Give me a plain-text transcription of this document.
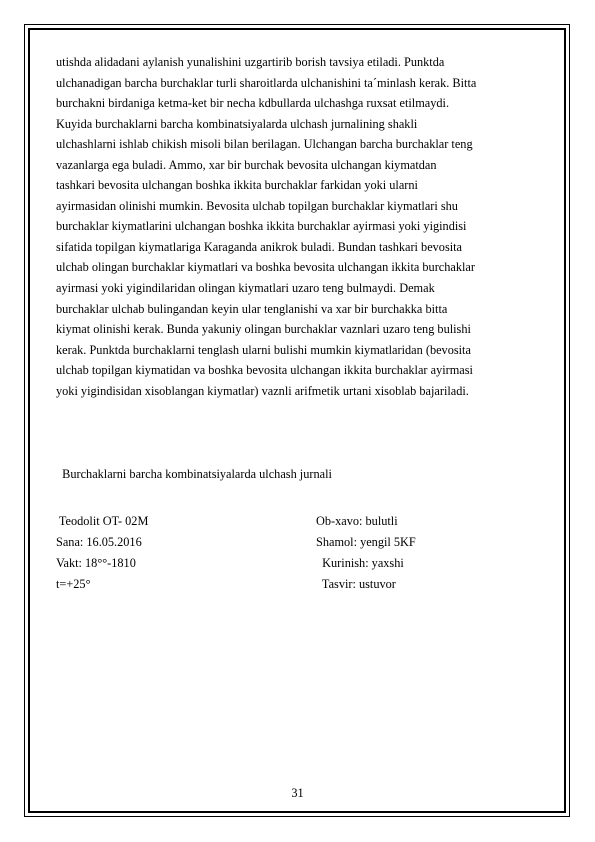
utishda alidadani aylanish yunalishini uzgartirib borish tavsiya etiladi. Punktda
ulchanadigan barcha burchaklar turli sharoitlarda ulchanishini ta´minlash kerak. Bitta
burchakni birdaniga ketma-ket bir necha kdbullarda ulchashga ruxsat etilmaydi.
Kuyida burchaklarni barcha kombinatsiyalarda ulchash jurnalining shakli
ulchashlarni ishlab chikish misoli bilan berilagan. Ulchangan barcha burchaklar teng
vazanlarga ega buladi. Ammo, xar bir burchak bevosita ulchangan kiymatdan
tashkari bevosita ulchangan boshka ikkita burchaklar farkidan yoki ularni
ayirmasidan olinishi mumkin. Bevosita ulchab topilgan burchaklar kiymatlari shu
burchaklar kiymatlarini ulchangan boshka ikkita burchaklar ayirmasi yoki yigindisi
sifatida topilgan kiymatlariga Karaganda anikrok buladi. Bundan tashkari bevosita
ulchab olingan burchaklar kiymatlari va boshka bevosita ulchangan ikkita burchaklar
ayirmasi yoki yigindilaridan olingan kiymatlari uzaro teng bulmaydi. Demak
burchaklar ulchab bulingandan keyin ular tenglanishi va xar bir burchakka bitta
kiymat olinishi kerak. Bunda yakuniy olingan burchaklar vaznlari uzaro teng bulishi
kerak. Punktda burchaklarni tenglash ularni bulishi mumkin kiymatlaridan (bevosita
ulchab topilgan kiymatidan va boshka bevosita ulchangan ikkita burchaklar ayirmasi
yoki yigindisidan xisoblangan kiymatlar) vaznli arifmetik urtani xisoblab bajariladi.
Burchaklarni barcha kombinatsiyalarda ulchash jurnali
Teodolit OT- 02M
Sana: 16.05.2016
Vakt: 18°°-1810
t=+25°
Ob-xavo: bulutli
Shamol: yengil 5KF
Kurinish: yaxshi
Tasvir: ustuvor
31
